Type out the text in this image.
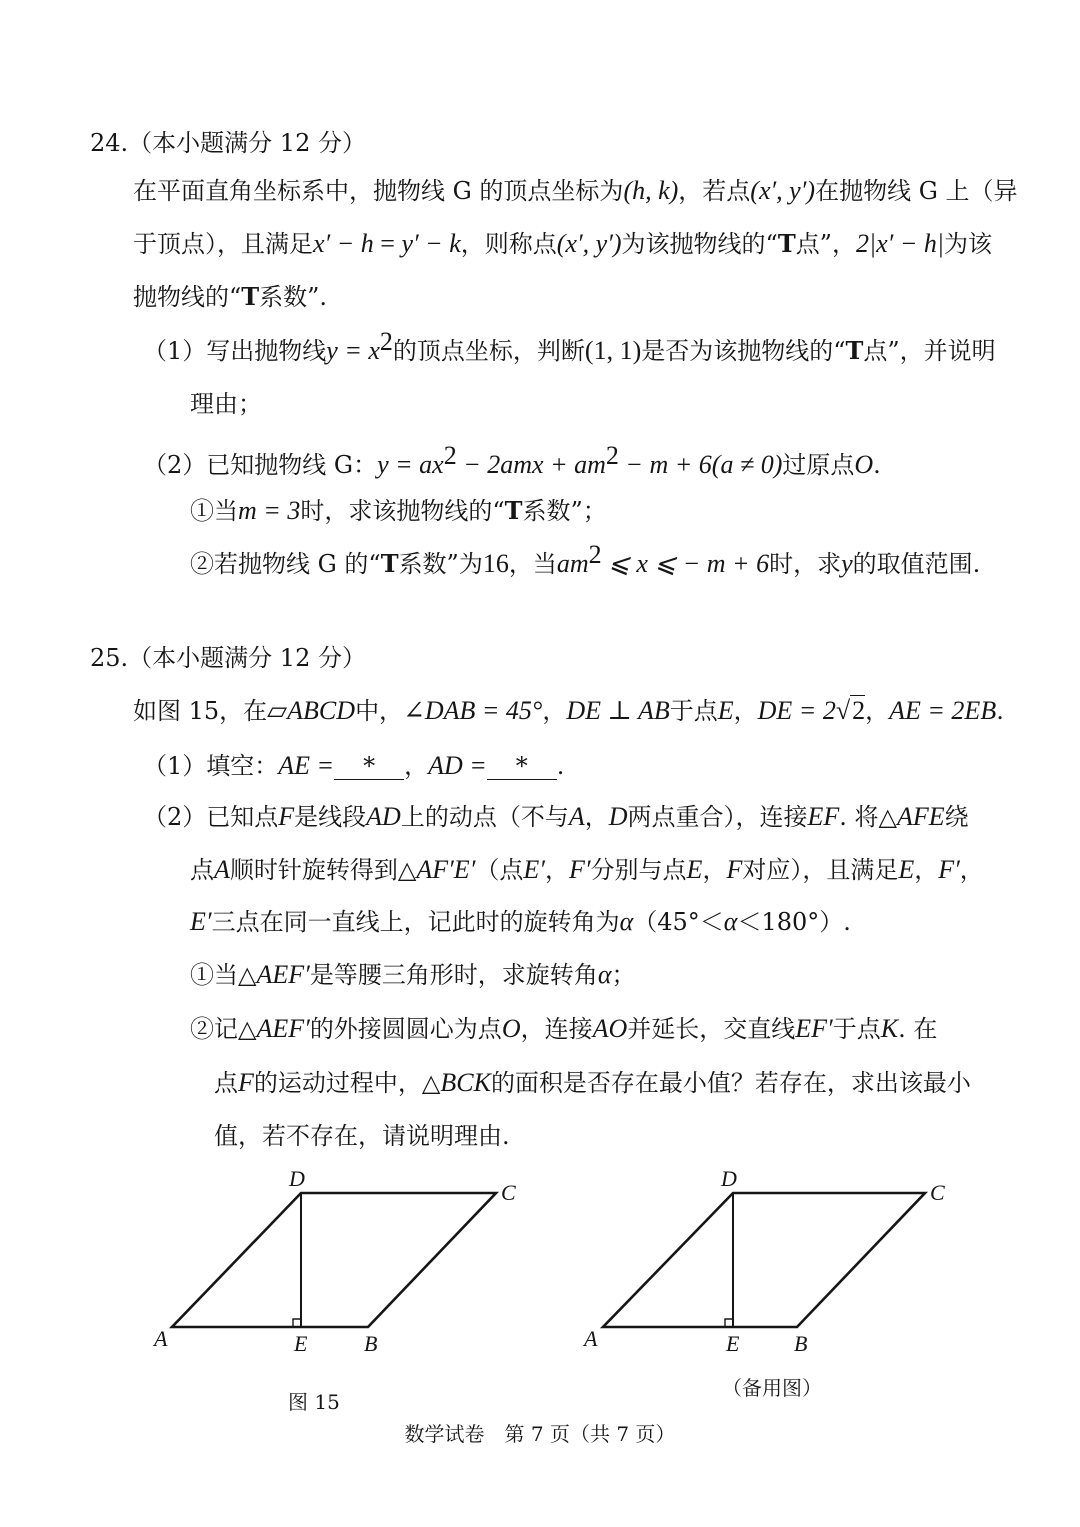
24.（本小题满分 12 分）
在平面直角坐标系中，抛物线 G 的顶点坐标为(h, k)，若点(x′, y′)在抛物线 G 上（异
于顶点），且满足x′ − h = y′ − k，则称点(x′, y′)为该抛物线的“T点”，2|x′ − h|为该
抛物线的“T系数”.
（1）写出抛物线$y = x^2$的顶点坐标，判断(1, 1)是否为该抛物线的“T点”，并说明
理由；
（2）已知抛物线 G：$y = ax^2 - 2amx + am^2 - m + 6(a \ne 0)$过原点O.
①当m = 3时，求该抛物线的“T系数”；
②若抛物线 G 的“T系数”为16，当$am^2$ ⩽ x ⩽ − m + 6时，求y的取值范围.
25.（本小题满分 12 分）
如图 15，在▱ABCD中，∠DAB = 45°，DE ⊥ AB于点E，DE = 2√2，AE = 2EB.
（1）填空：AE = * ，AD = * .
（2）已知点F是线段AD上的动点（不与A，D两点重合），连接EF. 将△AFE绕
点A顺时针旋转得到△AF′E′（点E′，F′分别与点E，F对应），且满足E，F′，
E′三点在同一直线上，记此时的旋转角为α（45°＜α＜180°）.
①当△AEF′是等腰三角形时，求旋转角α；
②记△AEF′的外接圆圆心为点O，连接AO并延长，交直线EF′于点K. 在
点F的运动过程中，△BCK的面积是否存在最小值？若存在，求出该最小
值，若不存在，请说明理由.
A	E	B
C
D
A	E B
C
D
图 15
（备用图）
数学试卷　第 7 页（共 7 页）
